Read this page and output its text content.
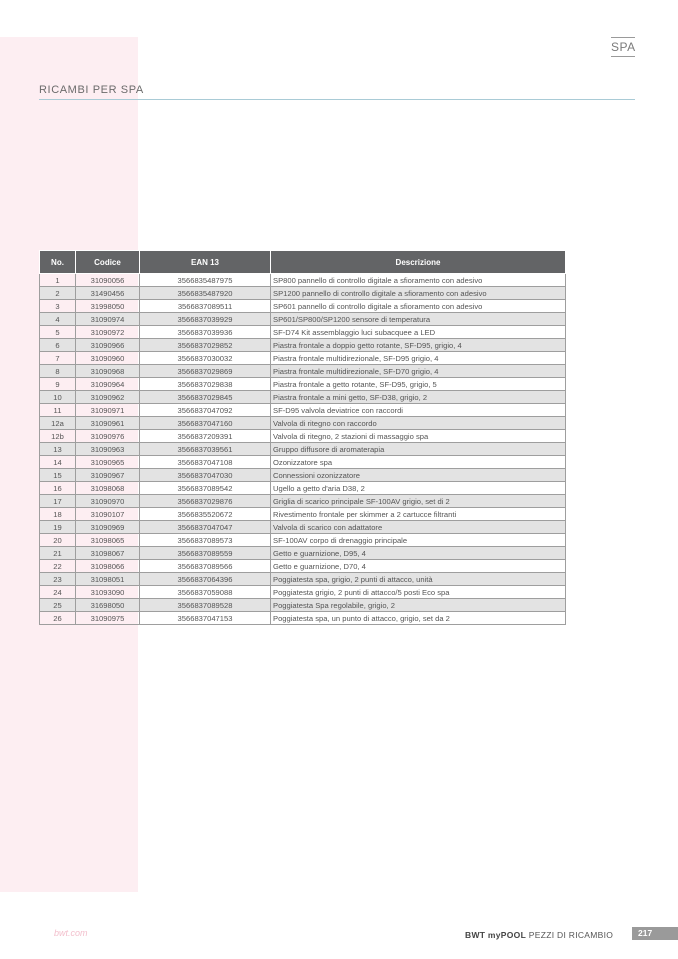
SPA
RICAMBI PER SPA
No.	Codice	EAN 13	Descrizione
1	31090056	3566835487975	SP800 pannello di controllo digitale a sfioramento con adesivo
2	31490456	3566835487920	SP1200 pannello di controllo digitale a sfioramento con adesivo
3	31998050	3566837089511	SP601 pannello di controllo digitale a sfioramento con adesivo
4	31090974	3566837039929	SP601/SP800/SP1200 sensore di temperatura
5	31090972	3566837039936	SF-D74 Kit assemblaggio luci subacquee a LED
6	31090966	3566837029852	Piastra frontale a doppio getto rotante, SF-D95, grigio, 4
7	31090960	3566837030032	Piastra frontale multidirezionale, SF-D95 grigio, 4
8	31090968	3566837029869	Piastra frontale multidirezionale, SF-D70 grigio, 4
9	31090964	3566837029838	Piastra frontale a getto rotante, SF-D95, grigio, 5
10	31090962	3566837029845	Piastra frontale a mini getto, SF-D38, grigio, 2
11	31090971	3566837047092	SF-D95 valvola deviatrice con raccordi
12a	31090961	3566837047160	Valvola di ritegno con raccordo
12b	31090976	3566837209391	Valvola di ritegno, 2 stazioni di massaggio spa
13	31090963	3566837039561	Gruppo diffusore di aromaterapia
14	31090965	3566837047108	Ozonizzatore spa
15	31090967	3566837047030	Connessioni ozonizzatore
16	31098068	3566837089542	Ugello a getto d'aria D38, 2
17	31090970	3566837029876	Griglia di scarico principale SF-100AV grigio, set di 2
18	31090107	3566835520672	Rivestimento frontale per skimmer a 2 cartucce filtranti
19	31090969	3566837047047	Valvola di scarico con adattatore
20	31098065	3566837089573	SF-100AV corpo di drenaggio principale
21	31098067	3566837089559	Getto e guarnizione, D95, 4
22	31098066	3566837089566	Getto e guarnizione, D70, 4
23	31098051	3566837064396	Poggiatesta spa, grigio, 2 punti di attacco, unità
24	31093090	3566837059088	Poggiatesta grigio, 2 punti di attacco/5 posti Eco spa
25	31698050	3566837089528	Poggiatesta Spa regolabile, grigio, 2
26	31090975	3566837047153	Poggiatesta spa, un punto di attacco, grigio, set da 2
bwt.com	BWT myPOOL PEZZI DI RICAMBIO	217
